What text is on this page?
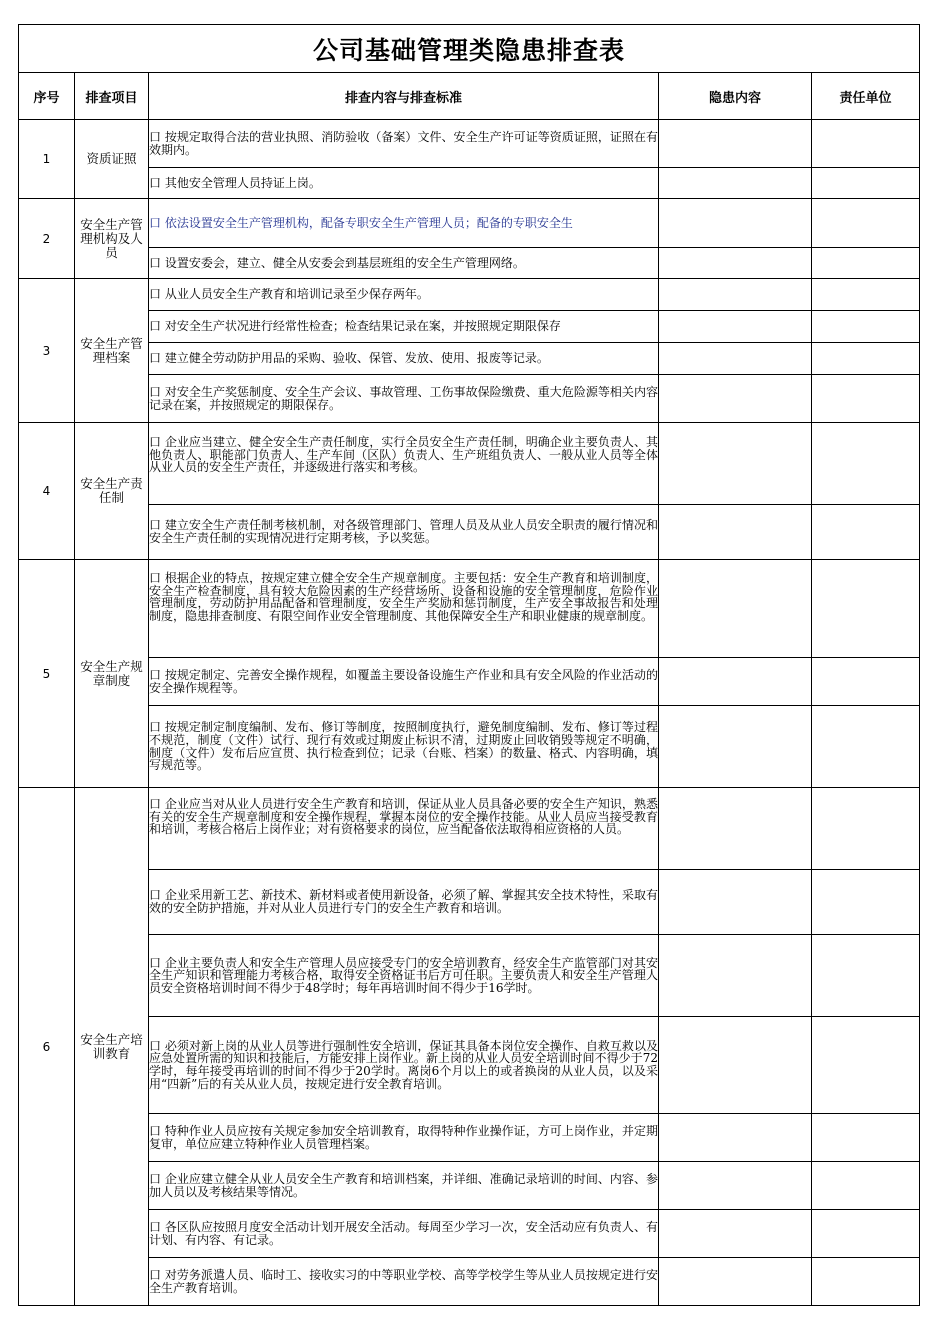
公司基础管理类隐患排查表				
序号	排查项目	排查内容与排查标准	隐患内容	责任单位
1	资质证照	口 按规定取得合法的营业执照、消防验收（备案）文件、安全生产许可证等资质证照，证照在有效期内。		
		口 其他安全管理人员持证上岗。		
2	安全生产管理机构及人员	口 依法设置安全生产管理机构，配备专职安全生产管理人员；配备的专职安全生		
		口 设置安委会，建立、健全从安委会到基层班组的安全生产管理网络。		
3	安全生产管理档案	口 从业人员安全生产教育和培训记录至少保存两年。		
		口 对安全生产状况进行经常性检查；检查结果记录在案，并按照规定期限保存		
		口 建立健全劳动防护用品的采购、验收、保管、发放、使用、报废等记录。		
		口 对安全生产奖惩制度、安全生产会议、事故管理、工伤事故保险缴费、重大危险源等相关内容记录在案，并按照规定的期限保存。		
4	安全生产责任制	口 企业应当建立、健全安全生产责任制度，实行全员安全生产责任制，明确企业主要负责人、其他负责人、职能部门负责人、生产车间（区队）负责人、生产班组负责人、一般从业人员等全体从业人员的安全生产责任，并逐级进行落实和考核。		
		口 建立安全生产责任制考核机制，对各级管理部门、管理人员及从业人员安全职责的履行情况和安全生产责任制的实现情况进行定期考核，予以奖惩。		
5	安全生产规章制度	口 根据企业的特点，按规定建立健全安全生产规章制度。主要包括：安全生产教育和培训制度，安全生产检查制度，具有较大危险因素的生产经营场所、设备和设施的安全管理制度，危险作业管理制度，劳动防护用品配备和管理制度，安全生产奖励和惩罚制度，生产安全事故报告和处理制度，隐患排查制度、有限空间作业安全管理制度、其他保障安全生产和职业健康的规章制度。		
		口 按规定制定、完善安全操作规程，如覆盖主要设备设施生产作业和具有安全风险的作业活动的安全操作规程等。		
		口 按规定制定制度编制、发布、修订等制度，按照制度执行，避免制度编制、发布、修订等过程不规范，制度（文件）试行、现行有效或过期废止标识不清，过期废止回收销毁等规定不明确，制度（文件）发布后应宣贯、执行检查到位；记录（台账、档案）的数量、格式、内容明确，填写规范等。		
6	安全生产培训教育	口 企业应当对从业人员进行安全生产教育和培训，保证从业人员具备必要的安全生产知识，熟悉有关的安全生产规章制度和安全操作规程，掌握本岗位的安全操作技能。从业人员应当接受教育和培训，考核合格后上岗作业；对有资格要求的岗位，应当配备依法取得相应资格的人员。		
		口 企业采用新工艺、新技术、新材料或者使用新设备，必须了解、掌握其安全技术特性，采取有效的安全防护措施，并对从业人员进行专门的安全生产教育和培训。		
		口 企业主要负责人和安全生产管理人员应接受专门的安全培训教育，经安全生产监管部门对其安全生产知识和管理能力考核合格，取得安全资格证书后方可任职。主要负责人和安全生产管理人员安全资格培训时间不得少于48学时；每年再培训时间不得少于16学时。		
		口 必须对新上岗的从业人员等进行强制性安全培训，保证其具备本岗位安全操作、自救互救以及应急处置所需的知识和技能后，方能安排上岗作业。新上岗的从业人员安全培训时间不得少于72学时，每年接受再培训的时间不得少于20学时。离岗6个月以上的或者换岗的从业人员，以及采用“四新”后的有关从业人员，按规定进行安全教育培训。		
		口 特种作业人员应按有关规定参加安全培训教育，取得特种作业操作证，方可上岗作业，并定期复审，单位应建立特种作业人员管理档案。		
		口 企业应建立健全从业人员安全生产教育和培训档案，并详细、准确记录培训的时间、内容、参加人员以及考核结果等情况。		
		口 各区队应按照月度安全活动计划开展安全活动。每周至少学习一次，安全活动应有负责人、有计划、有内容、有记录。		
		口 对劳务派遣人员、临时工、接收实习的中等职业学校、高等学校学生等从业人员按规定进行安全生产教育培训。		
